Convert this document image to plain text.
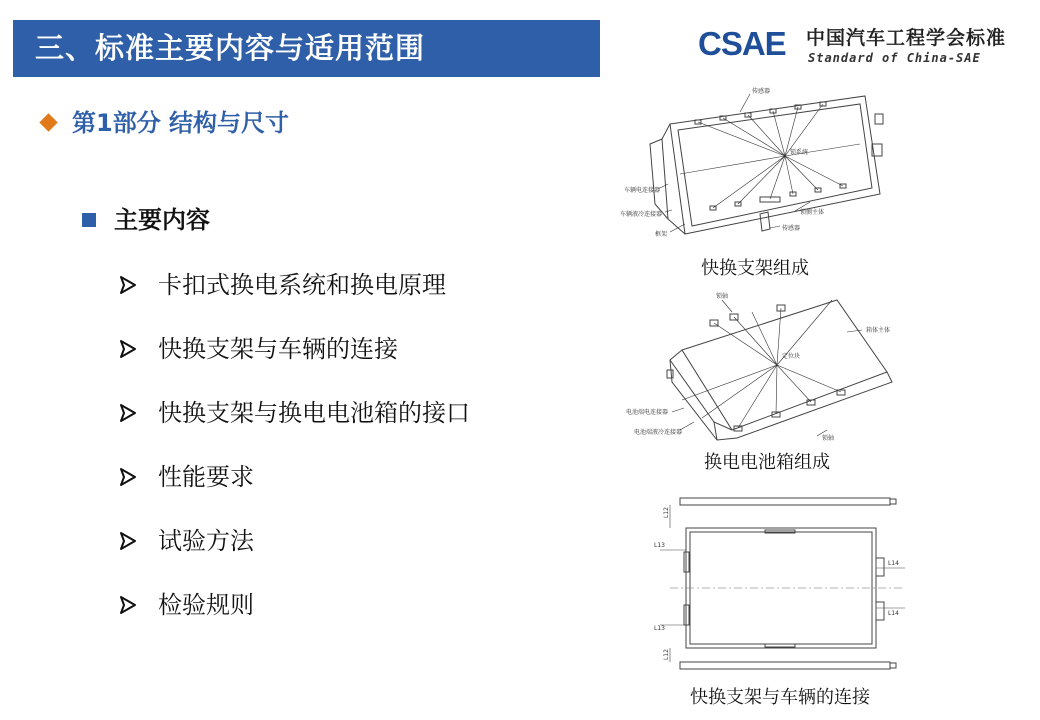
三、标准主要内容与适用范围	CSAE 中国汽车工程学会标准
Standard of China-SAE
第1部分 结构与尺寸
主要内容
卡扣式换电系统和换电原理
快换支架与车辆的连接
快换支架与换电电池箱的接口
性能要求
试验方法
检验规则
传感器
锁系统
车辆电连接器
车辆液冷连接器
框架
传感器
锁侧主体
快换支架组成
锁轴
箱体主体
定位块
电池端电连接器
电池端液冷连接器
锁轴
换电电池箱组成
L12
L13
L14
L14
L13
L12
快换支架与车辆的连接
